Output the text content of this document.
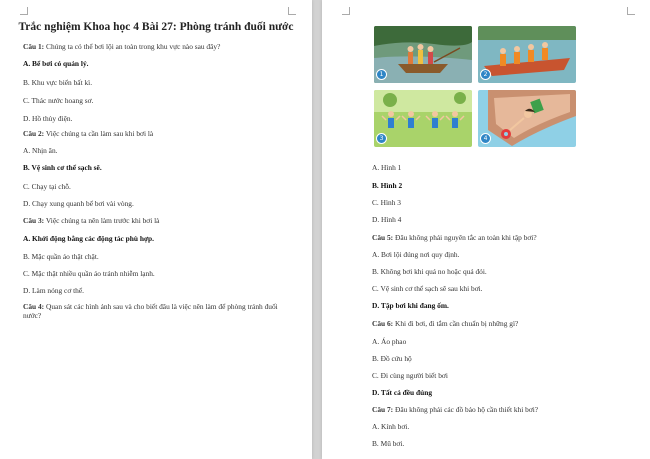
Trắc nghiệm Khoa học 4 Bài 27: Phòng tránh đuối nước
Câu 1: Chúng ta có thể bơi lội an toàn trong khu vực nào sau đây?
A. Bể bơi có quản lý.
B. Khu vực biển bất kì.
C. Thác nước hoang sơ.
D. Hồ thủy điện.
Câu 2: Việc chúng ta cần làm sau khi bơi là
A. Nhịn ăn.
B. Vệ sinh cơ thể sạch sẽ.
C. Chạy tại chỗ.
D. Chạy xung quanh bể bơi vài vòng.
Câu 3: Việc chúng ta nên làm trước khi bơi là
A. Khởi động bằng các động tác phù hợp.
B. Mặc quần áo thật chật.
C. Mặc thật nhiều quần áo tránh nhiễm lạnh.
D. Làm nóng cơ thể.
Câu 4: Quan sát các hình ảnh sau và cho biết đâu là việc nên làm để phòng tránh đuối nước?
1	2
3	4
A. Hình 1
B. Hình 2
C. Hình 3
D. Hình 4
Câu 5: Đâu không phải nguyên tắc an toàn khi tập bơi?
A. Bơi lội đúng nơi quy định.
B. Không bơi khi quá no hoặc quá đói.
C. Vệ sinh cơ thể sạch sẽ sau khi bơi.
D. Tập bơi khi đang ốm.
Câu 6: Khi đi bơi, đi tắm cần chuẩn bị những gì?
A. Áo phao
B. Đồ cứu hộ
C. Đi cùng người biết bơi
D. Tất cả đều đúng
Câu 7: Đâu không phải các đồ bảo hộ cần thiết khi bơi?
A. Kính bơi.
B. Mũ bơi.
